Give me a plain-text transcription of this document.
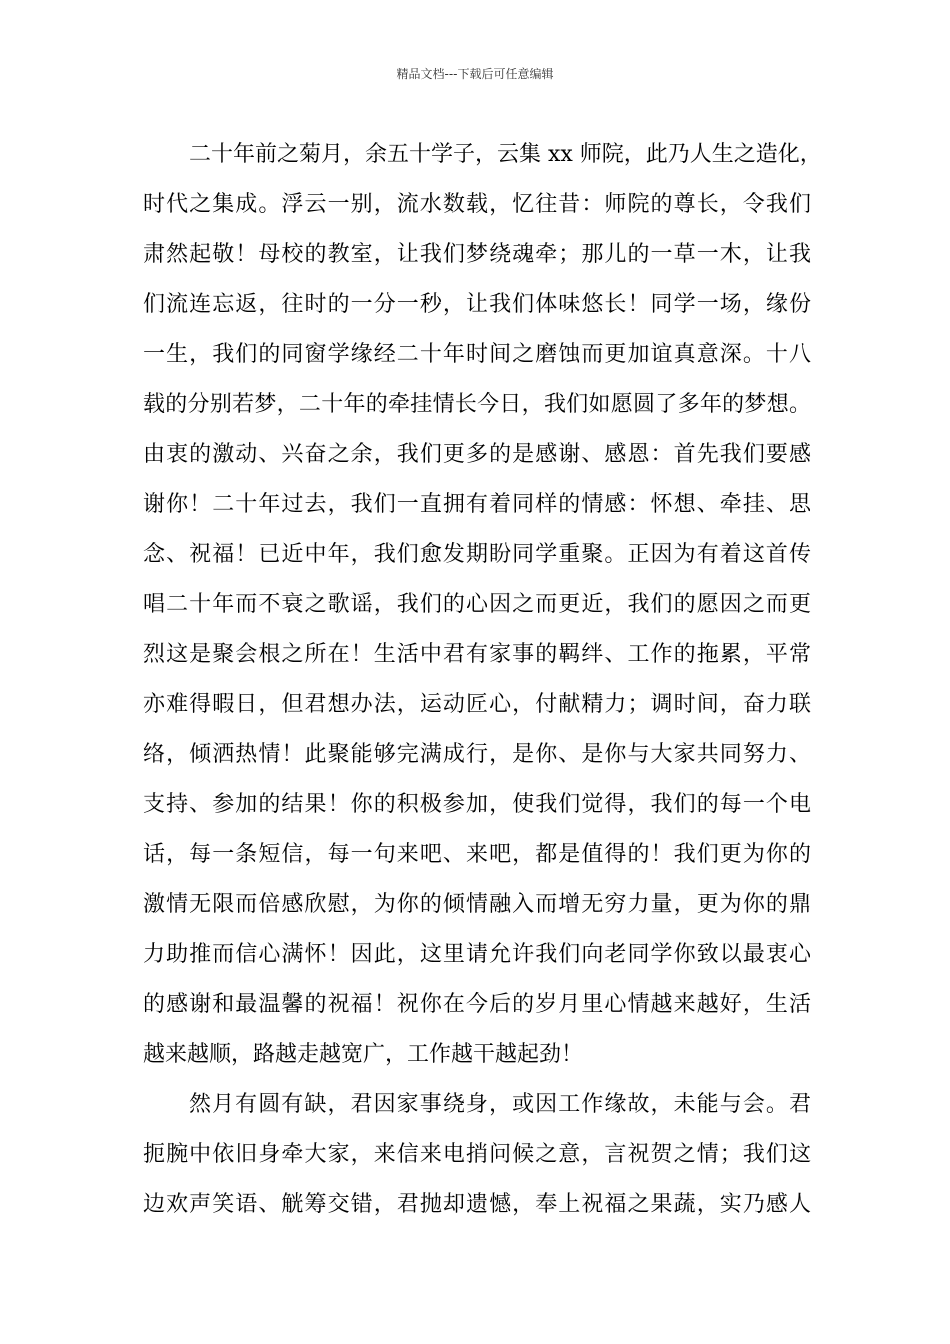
精品文档---下载后可任意编辑
二十年前之菊月，余五十学子，云集 xx 师院，此乃人生之造化，
时代之集成。浮云一别，流水数载，忆往昔：师院的尊长，令我们
肃然起敬！母校的教室，让我们梦绕魂牵；那儿的一草一木，让我
们流连忘返，往时的一分一秒，让我们体味悠长！同学一场，缘份
一生，我们的同窗学缘经二十年时间之磨蚀而更加谊真意深。十八
载的分别若梦，二十年的牵挂情长今日，我们如愿圆了多年的梦想。
由衷的激动、兴奋之余，我们更多的是感谢、感恩：首先我们要感
谢你！二十年过去，我们一直拥有着同样的情感：怀想、牵挂、思
念、祝福！已近中年，我们愈发期盼同学重聚。正因为有着这首传
唱二十年而不衰之歌谣，我们的心因之而更近，我们的愿因之而更
烈这是聚会根之所在！生活中君有家事的羁绊、工作的拖累，平常
亦难得暇日，但君想办法，运动匠心，付献精力；调时间，奋力联
络，倾洒热情！此聚能够完满成行，是你、是你与大家共同努力、
支持、参加的结果！你的积极参加，使我们觉得，我们的每一个电
话，每一条短信，每一句来吧、来吧，都是值得的！我们更为你的
激情无限而倍感欣慰，为你的倾情融入而增无穷力量，更为你的鼎
力助推而信心满怀！因此，这里请允许我们向老同学你致以最衷心
的感谢和最温馨的祝福！祝你在今后的岁月里心情越来越好，生活
越来越顺，路越走越宽广，工作越干越起劲！
然月有圆有缺，君因家事绕身，或因工作缘故，未能与会。君
扼腕中依旧身牵大家，来信来电捎问候之意，言祝贺之情；我们这
边欢声笑语、觥筹交错，君抛却遗憾，奉上祝福之果蔬，实乃感人
